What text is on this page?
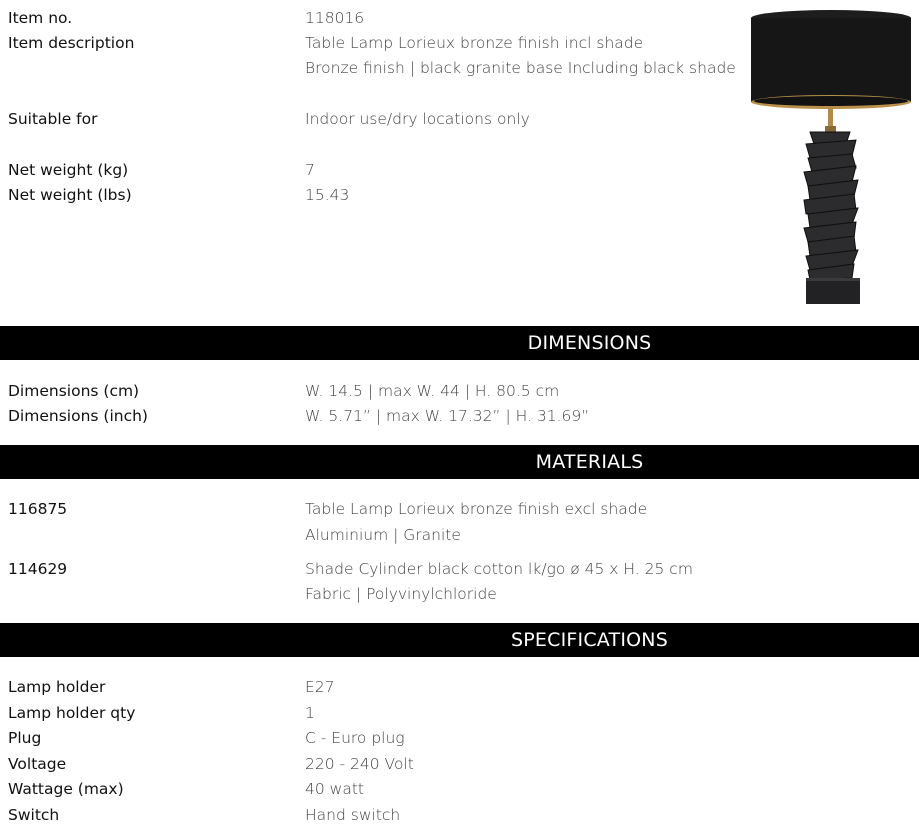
Item no.	118016
Item description	Table Lamp Lorieux bronze finish incl shade
Bronze finish | black granite base Including black shade
Suitable for	Indoor use/dry locations only
Net weight (kg)	7
Net weight (lbs)	15.43
DIMENSIONS
Dimensions (cm)	W. 14.5 | max W. 44 | H. 80.5 cm
Dimensions (inch)	W. 5.71” | max W. 17.32” | H. 31.69”
MATERIALS
116875	Table Lamp Lorieux bronze finish excl shade
Aluminium | Granite
114629	Shade Cylinder black cotton lk/go ø 45 x H. 25 cm
Fabric | Polyvinylchloride
SPECIFICATIONS
Lamp holder	E27
Lamp holder qty	1
Plug	C - Euro plug
Voltage	220 - 240 Volt
Wattage (max)	40 watt
Switch	Hand switch
